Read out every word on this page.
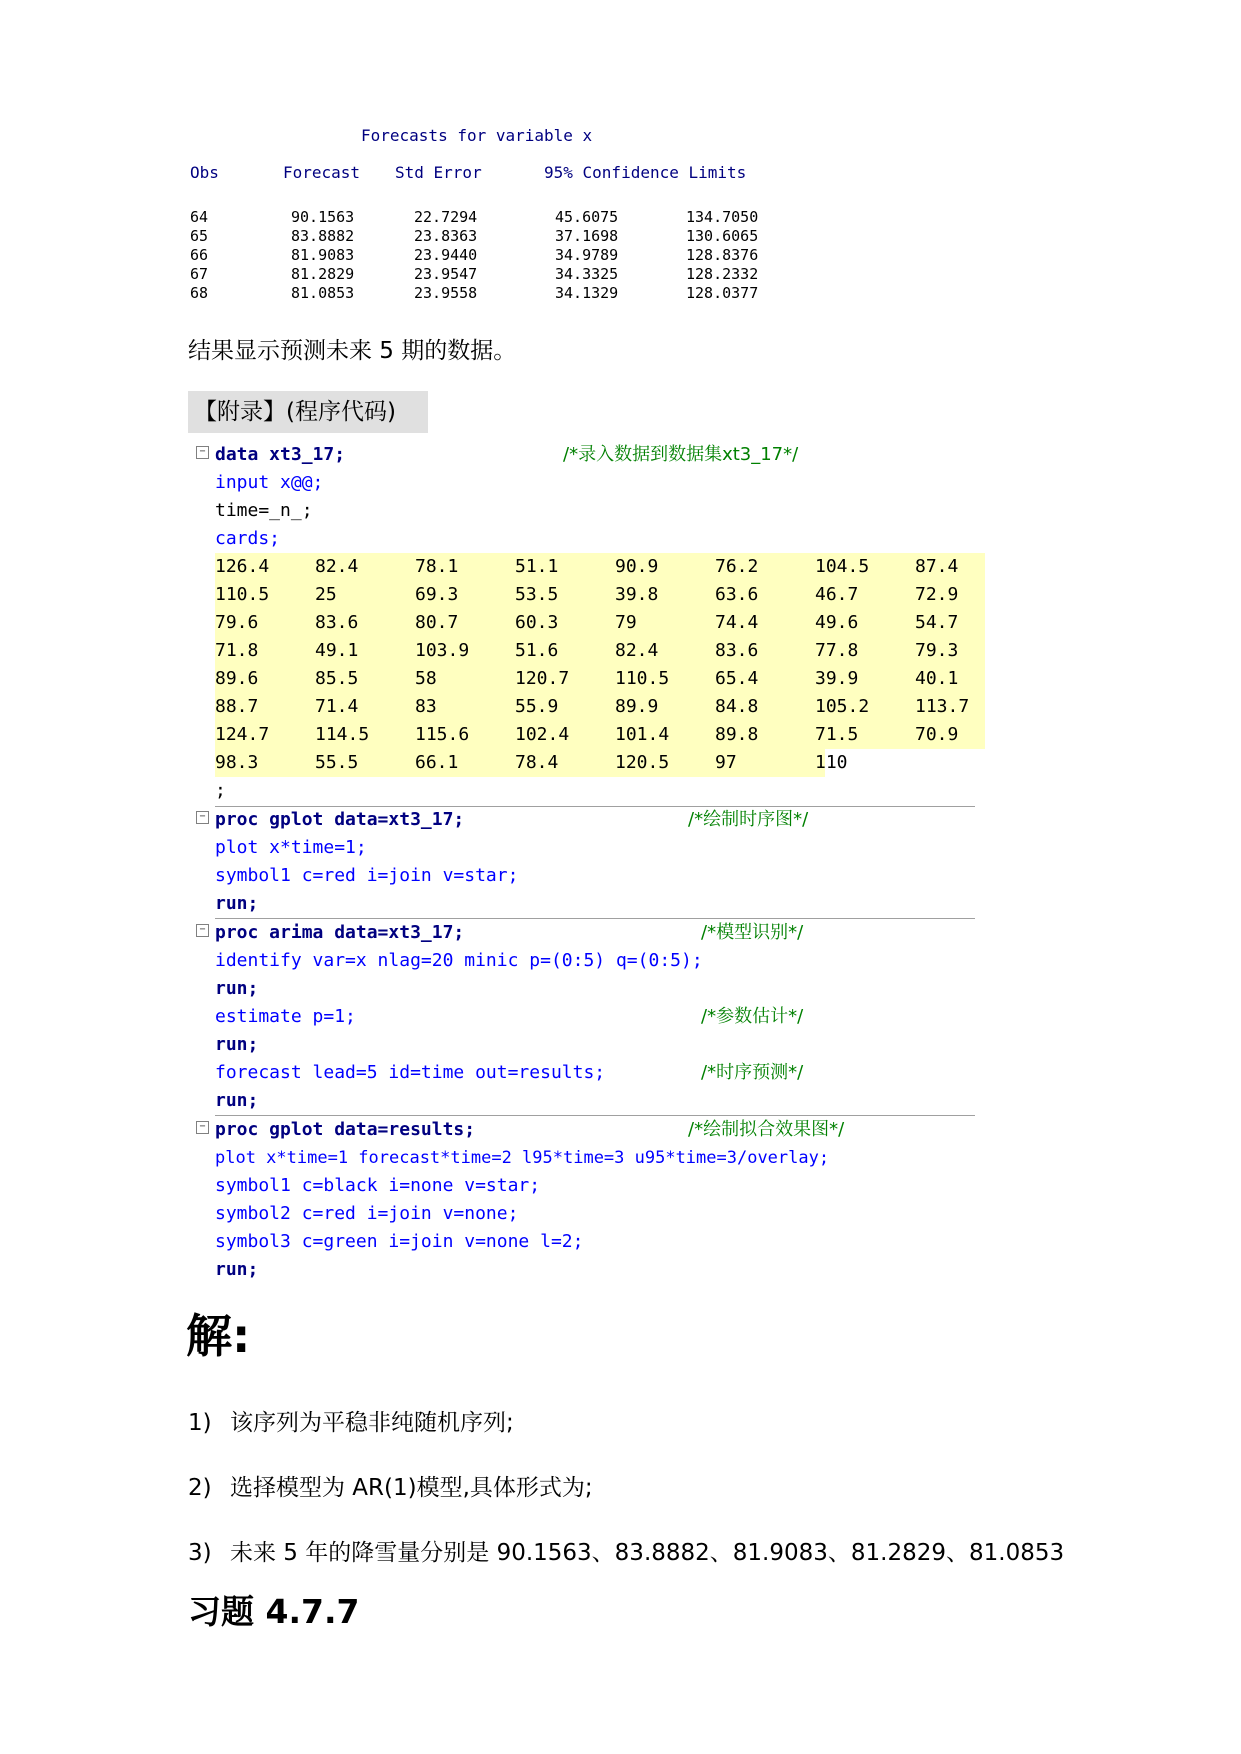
Forecasts for variable x
Obs	Forecast Std Error	95% Confidence Limits
64	90.1563	22.7294	45.6075	134.7050
65	83.8882	23.8363	37.1698	130.6065
66	81.9083	23.9440	34.9789	128.8376
67	81.2829	23.9547	34.3325	128.2332
68	81.0853	23.9558	34.1329	128.0377
结果显示预测未来 5 期的数据。
【附录】(程序代码)
− data xt3_17;	/*录入数据到数据集xt3_17*/
input x@@;
time=_n_;
cards;
126.4	82.4	78.1	51.1	90.9	76.2	104.5	87.4
110.5	25	69.3	53.5	39.8	63.6	46.7	72.9
79.6	83.6	80.7	60.3	79	74.4	49.6	54.7
71.8	49.1	103.9	51.6	82.4	83.6	77.8	79.3
89.6	85.5	58	120.7	110.5	65.4	39.9	40.1
88.7	71.4	83	55.9	89.9	84.8	105.2	113.7
124.7	114.5	115.6	102.4	101.4	89.8	71.5	70.9
98.3	55.5	66.1	78.4	120.5	97	110
;
− proc gplot data=xt3_17;	/*绘制时序图*/
plot x*time=1;
symbol1 c=red i=join v=star;
run;
− proc arima data=xt3_17;	/*模型识别*/
identify var=x nlag=20 minic p=(0:5) q=(0:5);
run;
estimate p=1;	/*参数估计*/
run;
forecast lead=5 id=time out=results;	/*时序预测*/
run;
− proc gplot data=results;	/*绘制拟合效果图*/
plot x*time=1 forecast*time=2 l95*time=3 u95*time=3/overlay;
symbol1 c=black i=none v=star;
symbol2 c=red i=join v=none;
symbol3 c=green i=join v=none l=2;
run;
解:
1) 该序列为平稳非纯随机序列;
2) 选择模型为 AR(1)模型,具体形式为;
3) 未来 5 年的降雪量分别是 90.1563、83.8882、81.9083、81.2829、81.0853
习题 4.7.7
